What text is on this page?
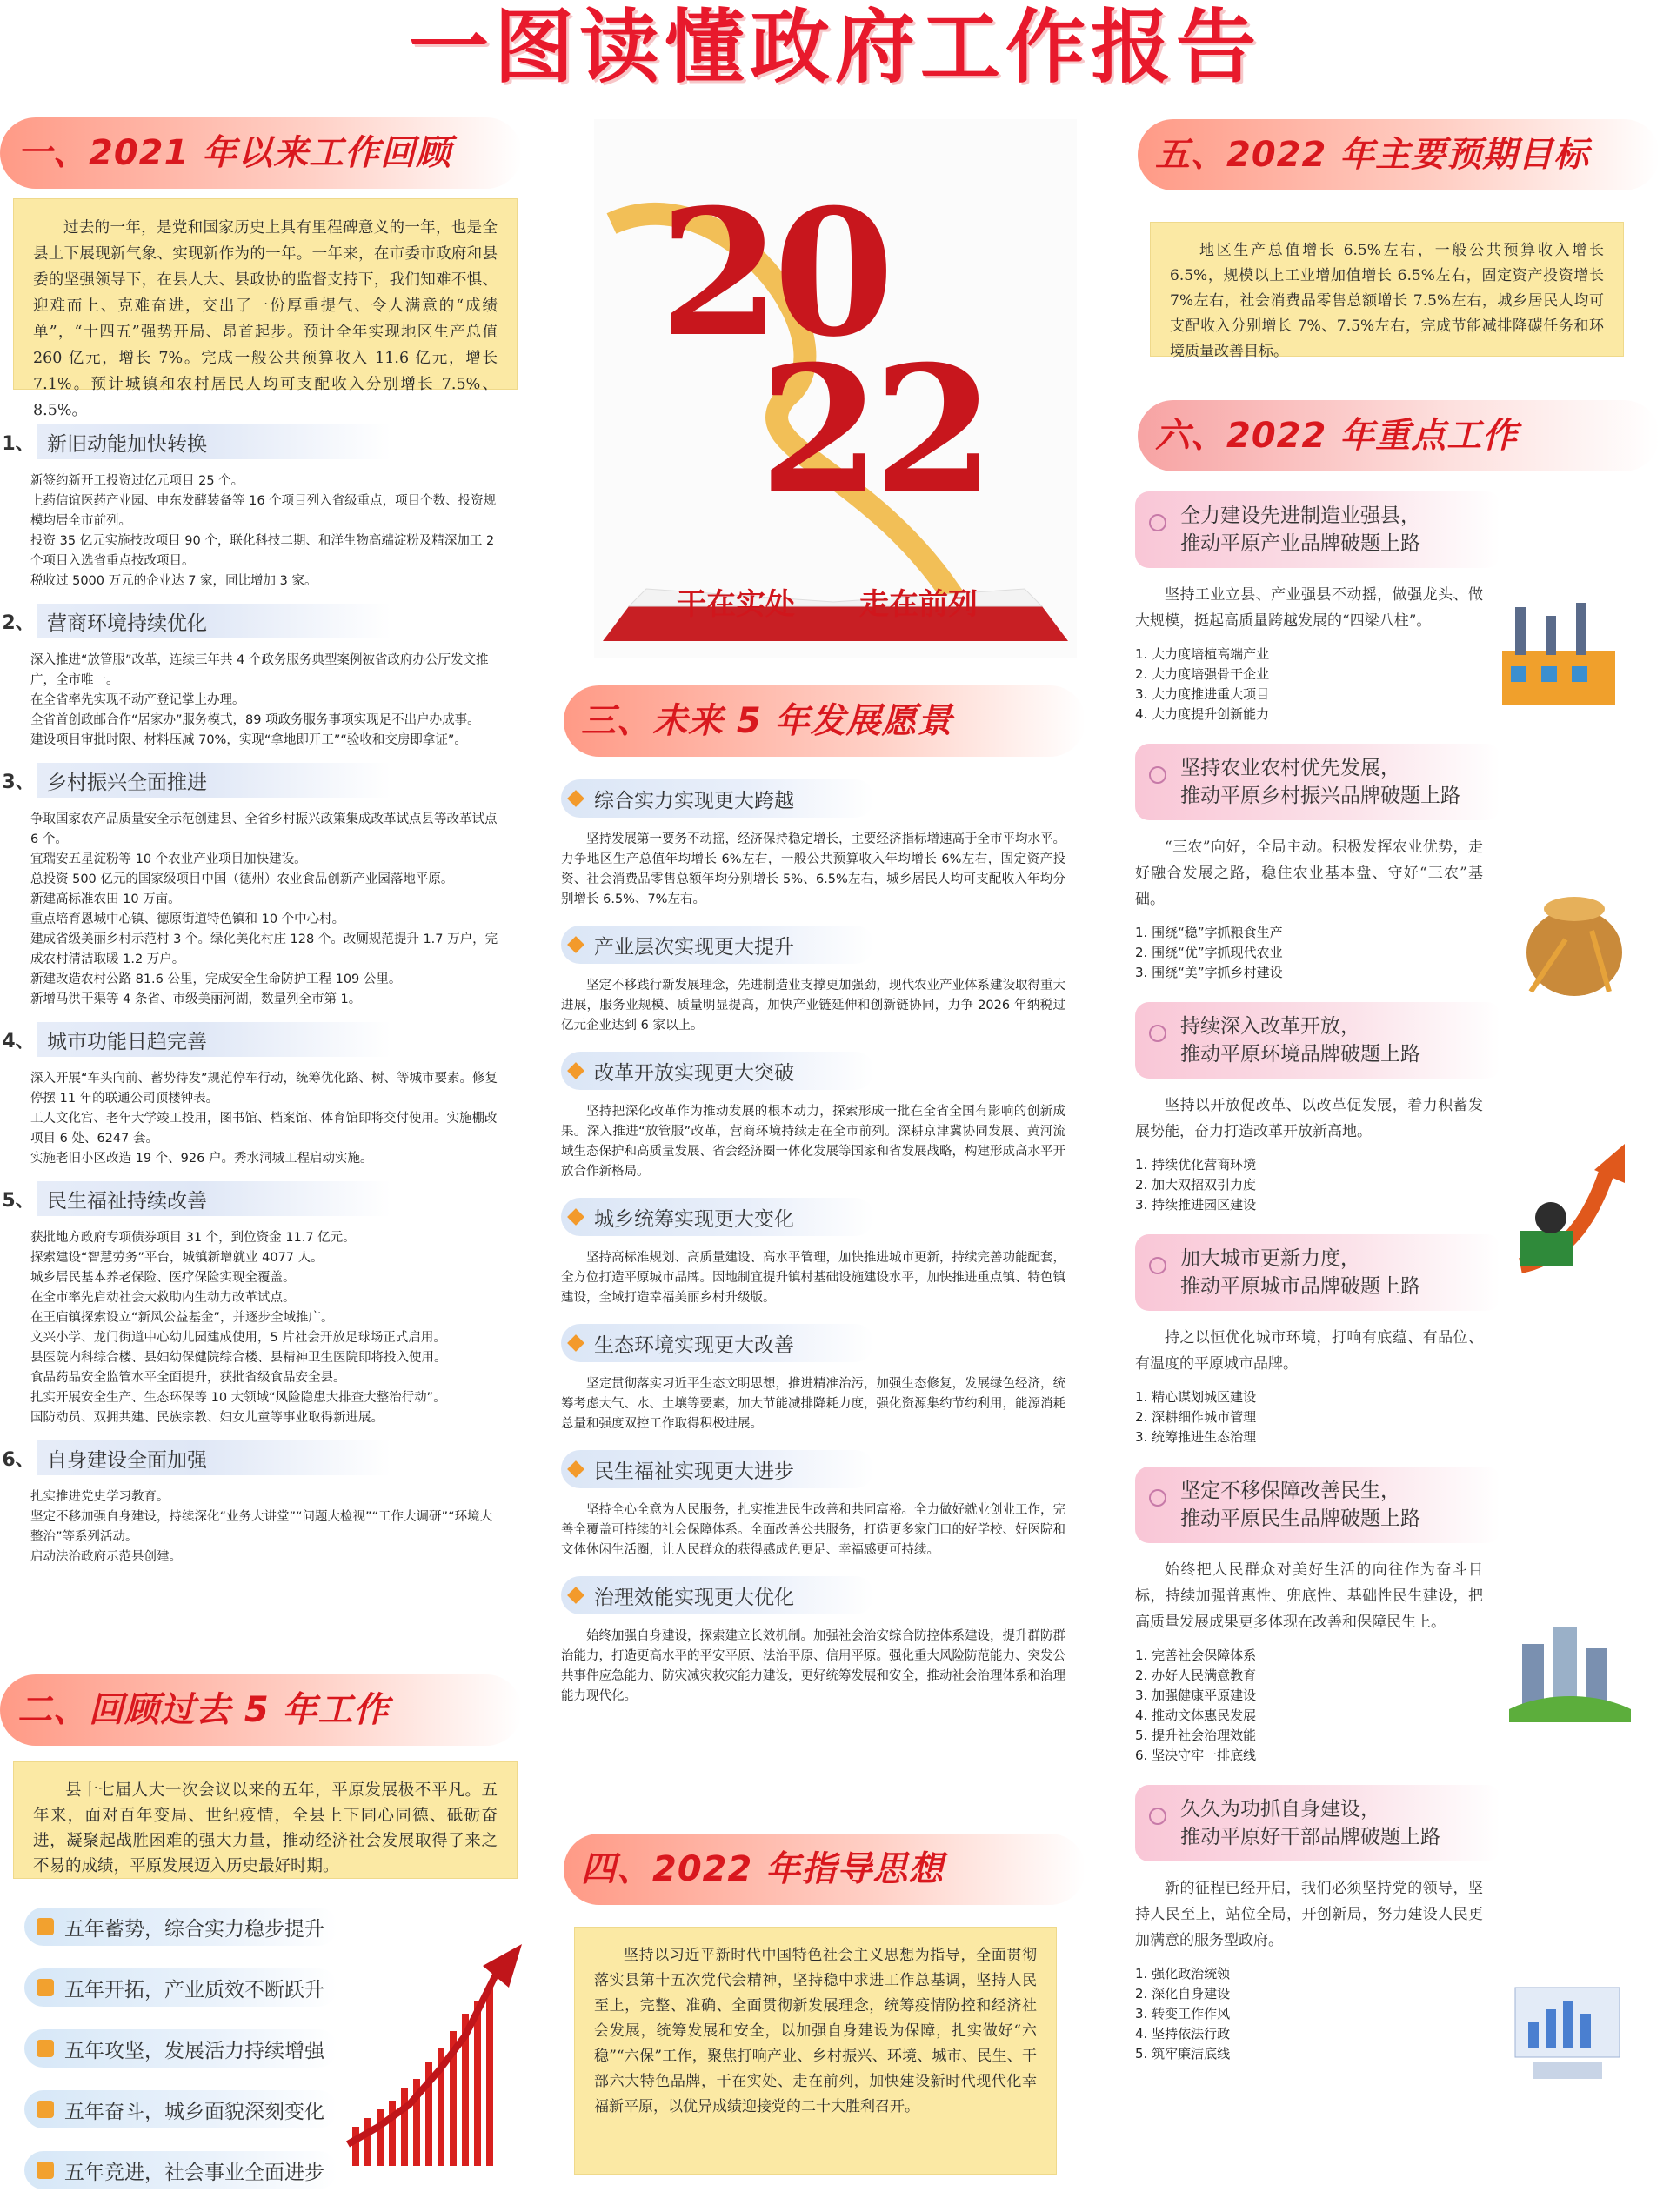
一图读懂政府工作报告
一、2021 年以来工作回顾
过去的一年，是党和国家历史上具有里程碑意义的一年，也是全县上下展现新气象、实现新作为的一年。一年来，在市委市政府和县委的坚强领导下，在县人大、县政协的监督支持下，我们知难不惧、迎难而上、克难奋进，交出了一份厚重提气、令人满意的“成绩单”，“十四五”强势开局、昂首起步。预计全年实现地区生产总值 260 亿元，增长 7%。完成一般公共预算收入 11.6 亿元，增长 7.1%。预计城镇和农村居民人均可支配收入分别增长 7.5%、8.5%。
1、 新旧动能加快转换
新签约新开工投资过亿元项目 25 个。
上药信谊医药产业园、申东发酵装备等 16 个项目列入省级重点，项目个数、投资规模均居全市前列。
投资 35 亿元实施技改项目 90 个，联化科技二期、和洋生物高端淀粉及精深加工 2 个项目入选省重点技改项目。
税收过 5000 万元的企业达 7 家，同比增加 3 家。
2、 营商环境持续优化
深入推进“放管服”改革，连续三年共 4 个政务服务典型案例被省政府办公厅发文推广，全市唯一。
在全省率先实现不动产登记掌上办理。
全省首创政邮合作“居家办”服务模式，89 项政务服务事项实现足不出户办成事。
建设项目审批时限、材料压减 70%，实现“拿地即开工”“验收和交房即拿证”。
3、 乡村振兴全面推进
争取国家农产品质量安全示范创建县、全省乡村振兴政策集成改革试点县等改革试点 6 个。
宜瑞安五星淀粉等 10 个农业产业项目加快建设。
总投资 500 亿元的国家级项目中国（德州）农业食品创新产业园落地平原。
新建高标准农田 10 万亩。
重点培育恩城中心镇、德原街道特色镇和 10 个中心村。
建成省级美丽乡村示范村 3 个。绿化美化村庄 128 个。改厕规范提升 1.7 万户，完成农村清洁取暖 1.2 万户。
新建改造农村公路 81.6 公里，完成安全生命防护工程 109 公里。
新增马洪干渠等 4 条省、市级美丽河湖，数量列全市第 1。
4、 城市功能日趋完善
深入开展“车头向前、蓄势待发”规范停车行动，统筹优化路、树、等城市要素。修复停摆 11 年的联通公司顶楼钟表。
工人文化宫、老年大学竣工投用，图书馆、档案馆、体育馆即将交付使用。实施棚改项目 6 处、6247 套。
实施老旧小区改造 19 个、926 户。秀水洞城工程启动实施。
5、 民生福祉持续改善
获批地方政府专项债券项目 31 个，到位资金 11.7 亿元。
探索建设“智慧劳务”平台，城镇新增就业 4077 人。
城乡居民基本养老保险、医疗保险实现全覆盖。
在全市率先启动社会大救助内生动力改革试点。
在王庙镇探索设立“新风公益基金”，并逐步全域推广。
文兴小学、龙门街道中心幼儿园建成使用，5 片社会开放足球场正式启用。
县医院内科综合楼、县妇幼保健院综合楼、县精神卫生医院即将投入使用。
食品药品安全监管水平全面提升，获批省级食品安全县。
扎实开展安全生产、生态环保等 10 大领域“风险隐患大排查大整治行动”。
国防动员、双拥共建、民族宗教、妇女儿童等事业取得新进展。
6、 自身建设全面加强
扎实推进党史学习教育。
坚定不移加强自身建设，持续深化“业务大讲堂”“问题大检视”“工作大调研”“环境大整治”等系列活动。
启动法治政府示范县创建。
二、回顾过去 5 年工作
县十七届人大一次会议以来的五年，平原发展极不平凡。五年来，面对百年变局、世纪疫情，全县上下同心同德、砥砺奋进，凝聚起战胜困难的强大力量，推动经济社会发展取得了来之不易的成绩，平原发展迈入历史最好时期。
五年蓄势，综合实力稳步提升
五年开拓，产业质效不断跃升
五年攻坚，发展活力持续增强
五年奋斗，城乡面貌深刻变化
五年竞进，社会事业全面进步
20
22
干在实处 走在前列
三、未来 5 年发展愿景
综合实力实现更大跨越
坚持发展第一要务不动摇，经济保持稳定增长，主要经济指标增速高于全市平均水平。力争地区生产总值年均增长 6%左右，一般公共预算收入年均增长 6%左右，固定资产投资、社会消费品零售总额年均分别增长 5%、6.5%左右，城乡居民人均可支配收入年均分别增长 6.5%、7%左右。
产业层次实现更大提升
坚定不移践行新发展理念，先进制造业支撑更加强劲，现代农业产业体系建设取得重大进展，服务业规模、质量明显提高，加快产业链延伸和创新链协同，力争 2026 年纳税过亿元企业达到 6 家以上。
改革开放实现更大突破
坚持把深化改革作为推动发展的根本动力，探索形成一批在全省全国有影响的创新成果。深入推进“放管服”改革，营商环境持续走在全市前列。深耕京津冀协同发展、黄河流域生态保护和高质量发展、省会经济圈一体化发展等国家和省发展战略，构建形成高水平开放合作新格局。
城乡统筹实现更大变化
坚持高标准规划、高质量建设、高水平管理，加快推进城市更新，持续完善功能配套，全方位打造平原城市品牌。因地制宜提升镇村基础设施建设水平，加快推进重点镇、特色镇建设，全域打造幸福美丽乡村升级版。
生态环境实现更大改善
坚定贯彻落实习近平生态文明思想，推进精准治污，加强生态修复，发展绿色经济，统筹考虑大气、水、土壤等要素，加大节能减排降耗力度，强化资源集约节约利用，能源消耗总量和强度双控工作取得积极进展。
民生福祉实现更大进步
坚持全心全意为人民服务，扎实推进民生改善和共同富裕。全力做好就业创业工作，完善全覆盖可持续的社会保障体系。全面改善公共服务，打造更多家门口的好学校、好医院和文体休闲生活圈，让人民群众的获得感成色更足、幸福感更可持续。
治理效能实现更大优化
始终加强自身建设，探索建立长效机制。加强社会治安综合防控体系建设，提升群防群治能力，打造更高水平的平安平原、法治平原、信用平原。强化重大风险防范能力、突发公共事件应急能力、防灾减灾救灾能力建设，更好统筹发展和安全，推动社会治理体系和治理能力现代化。
四、2022 年指导思想
坚持以习近平新时代中国特色社会主义思想为指导，全面贯彻落实县第十五次党代会精神，坚持稳中求进工作总基调，坚持人民至上，完整、准确、全面贯彻新发展理念，统筹疫情防控和经济社会发展，统筹发展和安全，以加强自身建设为保障，扎实做好“六稳”“六保”工作，聚焦打响产业、乡村振兴、环境、城市、民生、干部六大特色品牌，干在实处、走在前列，加快建设新时代现代化幸福新平原，以优异成绩迎接党的二十大胜利召开。
五、2022 年主要预期目标
地区生产总值增长 6.5%左右，一般公共预算收入增长 6.5%，规模以上工业增加值增长 6.5%左右，固定资产投资增长 7%左右，社会消费品零售总额增长 7.5%左右，城乡居民人均可支配收入分别增长 7%、7.5%左右，完成节能减排降碳任务和环境质量改善目标。
六、2022 年重点工作
全力建设先进制造业强县，
推动平原产业品牌破题上路
坚持工业立县、产业强县不动摇，做强龙头、做大规模，挺起高质量跨越发展的“四梁八柱”。
1. 大力度培植高端产业
2. 大力度培强骨干企业
3. 大力度推进重大项目
4. 大力度提升创新能力
坚持农业农村优先发展，
推动平原乡村振兴品牌破题上路
“三农”向好，全局主动。积极发挥农业优势，走好融合发展之路，稳住农业基本盘、守好“三农”基础。
1. 围绕“稳”字抓粮食生产
2. 围绕“优”字抓现代农业
3. 围绕“美”字抓乡村建设
持续深入改革开放，
推动平原环境品牌破题上路
坚持以开放促改革、以改革促发展，着力积蓄发展势能，奋力打造改革开放新高地。
1. 持续优化营商环境
2. 加大双招双引力度
3. 持续推进园区建设
加大城市更新力度，
推动平原城市品牌破题上路
持之以恒优化城市环境，打响有底蕴、有品位、有温度的平原城市品牌。
1. 精心谋划城区建设
2. 深耕细作城市管理
3. 统筹推进生态治理
坚定不移保障改善民生，
推动平原民生品牌破题上路
始终把人民群众对美好生活的向往作为奋斗目标，持续加强普惠性、兜底性、基础性民生建设，把高质量发展成果更多体现在改善和保障民生上。
1. 完善社会保障体系
2. 办好人民满意教育
3. 加强健康平原建设
4. 推动文体惠民发展
5. 提升社会治理效能
6. 坚决守牢一排底线
久久为功抓自身建设，
推动平原好干部品牌破题上路
新的征程已经开启，我们必须坚持党的领导，坚持人民至上，站位全局，开创新局，努力建设人民更加满意的服务型政府。
1. 强化政治统领
2. 深化自身建设
3. 转变工作作风
4. 坚持依法行政
5. 筑牢廉洁底线
